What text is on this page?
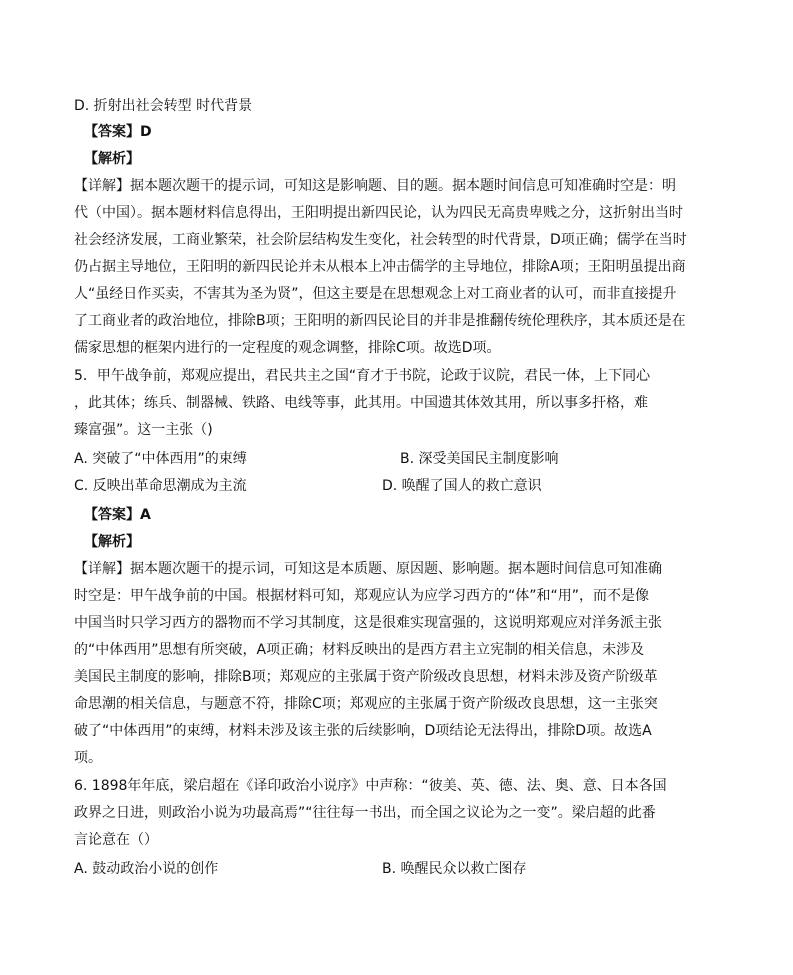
D. 折射出社会转型 时代背景
【答案】D
【解析】
【详解】据本题次题干的提示词，可知这是影响题、目的题。据本题时间信息可知准确时空是：明
代（中国）。据本题材料信息得出，王阳明提出新四民论，认为四民无高贵卑贱之分，这折射出当时
社会经济发展，工商业繁荣，社会阶层结构发生变化，社会转型的时代背景，D项正确；儒学在当时
仍占据主导地位，王阳明的新四民论并未从根本上冲击儒学的主导地位，排除A项；王阳明虽提出商
人“虽经日作买卖，不害其为圣为贤”，但这主要是在思想观念上对工商业者的认可，而非直接提升
了工商业者的政治地位，排除B项；王阳明的新四民论目的并非是推翻传统伦理秩序，其本质还是在
儒家思想的框架内进行的一定程度的观念调整，排除C项。故选D项。
5．甲午战争前，郑观应提出，君民共主之国“育才于书院，论政于议院，君民一体，上下同心
，此其体；练兵、制器械、铁路、电线等事，此其用。中国遗其体效其用，所以事多扞格，难
臻富强”。这一主张（)
A. 突破了“中体西用”的束缚	B. 深受美国民主制度影响
C. 反映出革命思潮成为主流	D. 唤醒了国人的救亡意识
【答案】A
【解析】
【详解】据本题次题干的提示词，可知这是本质题、原因题、影响题。据本题时间信息可知准确
时空是：甲午战争前的中国。根据材料可知，郑观应认为应学习西方的“体”和“用”，而不是像
中国当时只学习西方的器物而不学习其制度，这是很难实现富强的，这说明郑观应对洋务派主张
的“中体西用”思想有所突破，A项正确；材料反映出的是西方君主立宪制的相关信息，未涉及
美国民主制度的影响，排除B项；郑观应的主张属于资产阶级改良思想，材料未涉及资产阶级革
命思潮的相关信息，与题意不符，排除C项；郑观应的主张属于资产阶级改良思想，这一主张突
破了“中体西用”的束缚，材料未涉及该主张的后续影响，D项结论无法得出，排除D项。故选A
项。
6. 1898年年底，梁启超在《译印政治小说序》中声称：“彼美、英、德、法、奥、意、日本各国
政界之日进，则政治小说为功最高焉”“往往每一书出，而全国之议论为之一变”。梁启超的此番
言论意在（）
A. 鼓动政治小说的创作	B. 唤醒民众以救亡图存
